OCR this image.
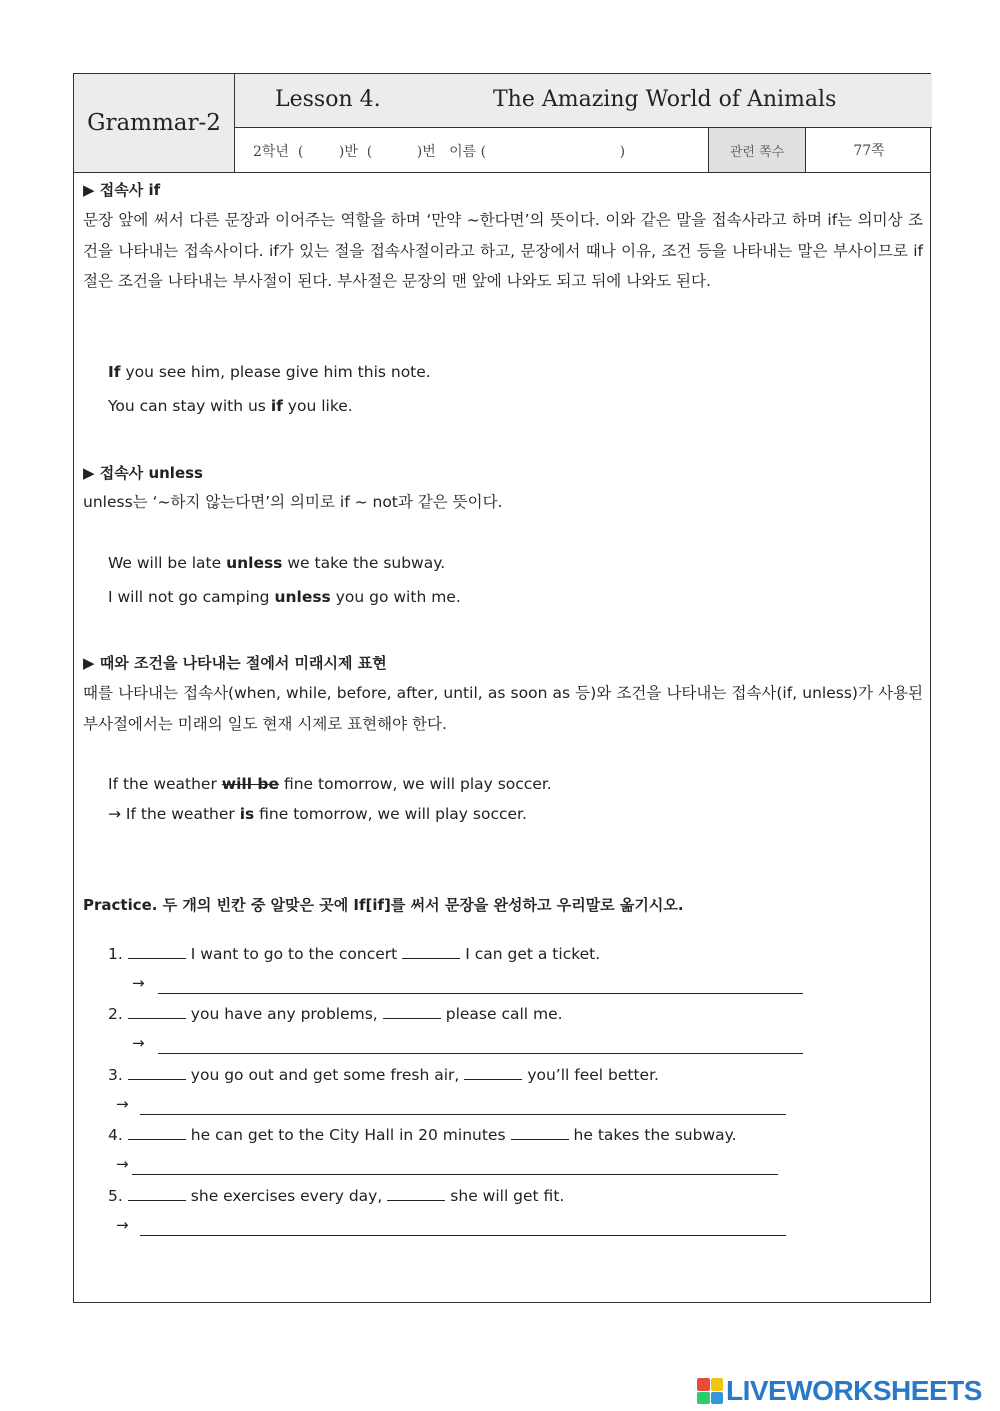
Grammar-2
Lesson 4.	The Amazing World of Animals
2학년  (        )반  (          )번   이름 (                              )	관련 쪽수	77쪽
▶ 접속사 if
문장 앞에 써서 다른 문장과 이어주는 역할을 하며 ‘만약 ~한다면’의 뜻이다. 이와 같은 말을 접속사라고 하며 if는 의미상 조건을 나타내는 접속사이다. if가 있는 절을 접속사절이라고 하고, 문장에서 때나 이유, 조건 등을 나타내는 말은 부사이므로 if절은 조건을 나타내는 부사절이 된다. 부사절은 문장의 맨 앞에 나와도 되고 뒤에 나와도 된다.
If you see him, please give him this note.
You can stay with us if you like.
▶ 접속사 unless
unless는 ‘~하지 않는다면’의 의미로 if ~ not과 같은 뜻이다.
We will be late unless we take the subway.
I will not go camping unless you go with me.
▶ 때와 조건을 나타내는 절에서 미래시제 표현
때를 나타내는 접속사(when, while, before, after, until, as soon as 등)와 조건을 나타내는 접속사(if, unless)가 사용된 부사절에서는 미래의 일도 현재 시제로 표현해야 한다.
If the weather will be fine tomorrow, we will play soccer.
→ If the weather is fine tomorrow, we will play soccer.
Practice. 두 개의 빈칸 중 알맞은 곳에 If[if]를 써서 문장을 완성하고 우리말로 옮기시오.
1.	I want to go to the concert	I can get a ticket.
→
2.	you have any problems,	please call me.
→
3.	you go out and get some fresh air,	you’ll feel better.
→
4.	he can get to the City Hall in 20 minutes	he takes the subway.
→
5.	she exercises every day,	she will get fit.
→
LIVEWORKSHEETS
